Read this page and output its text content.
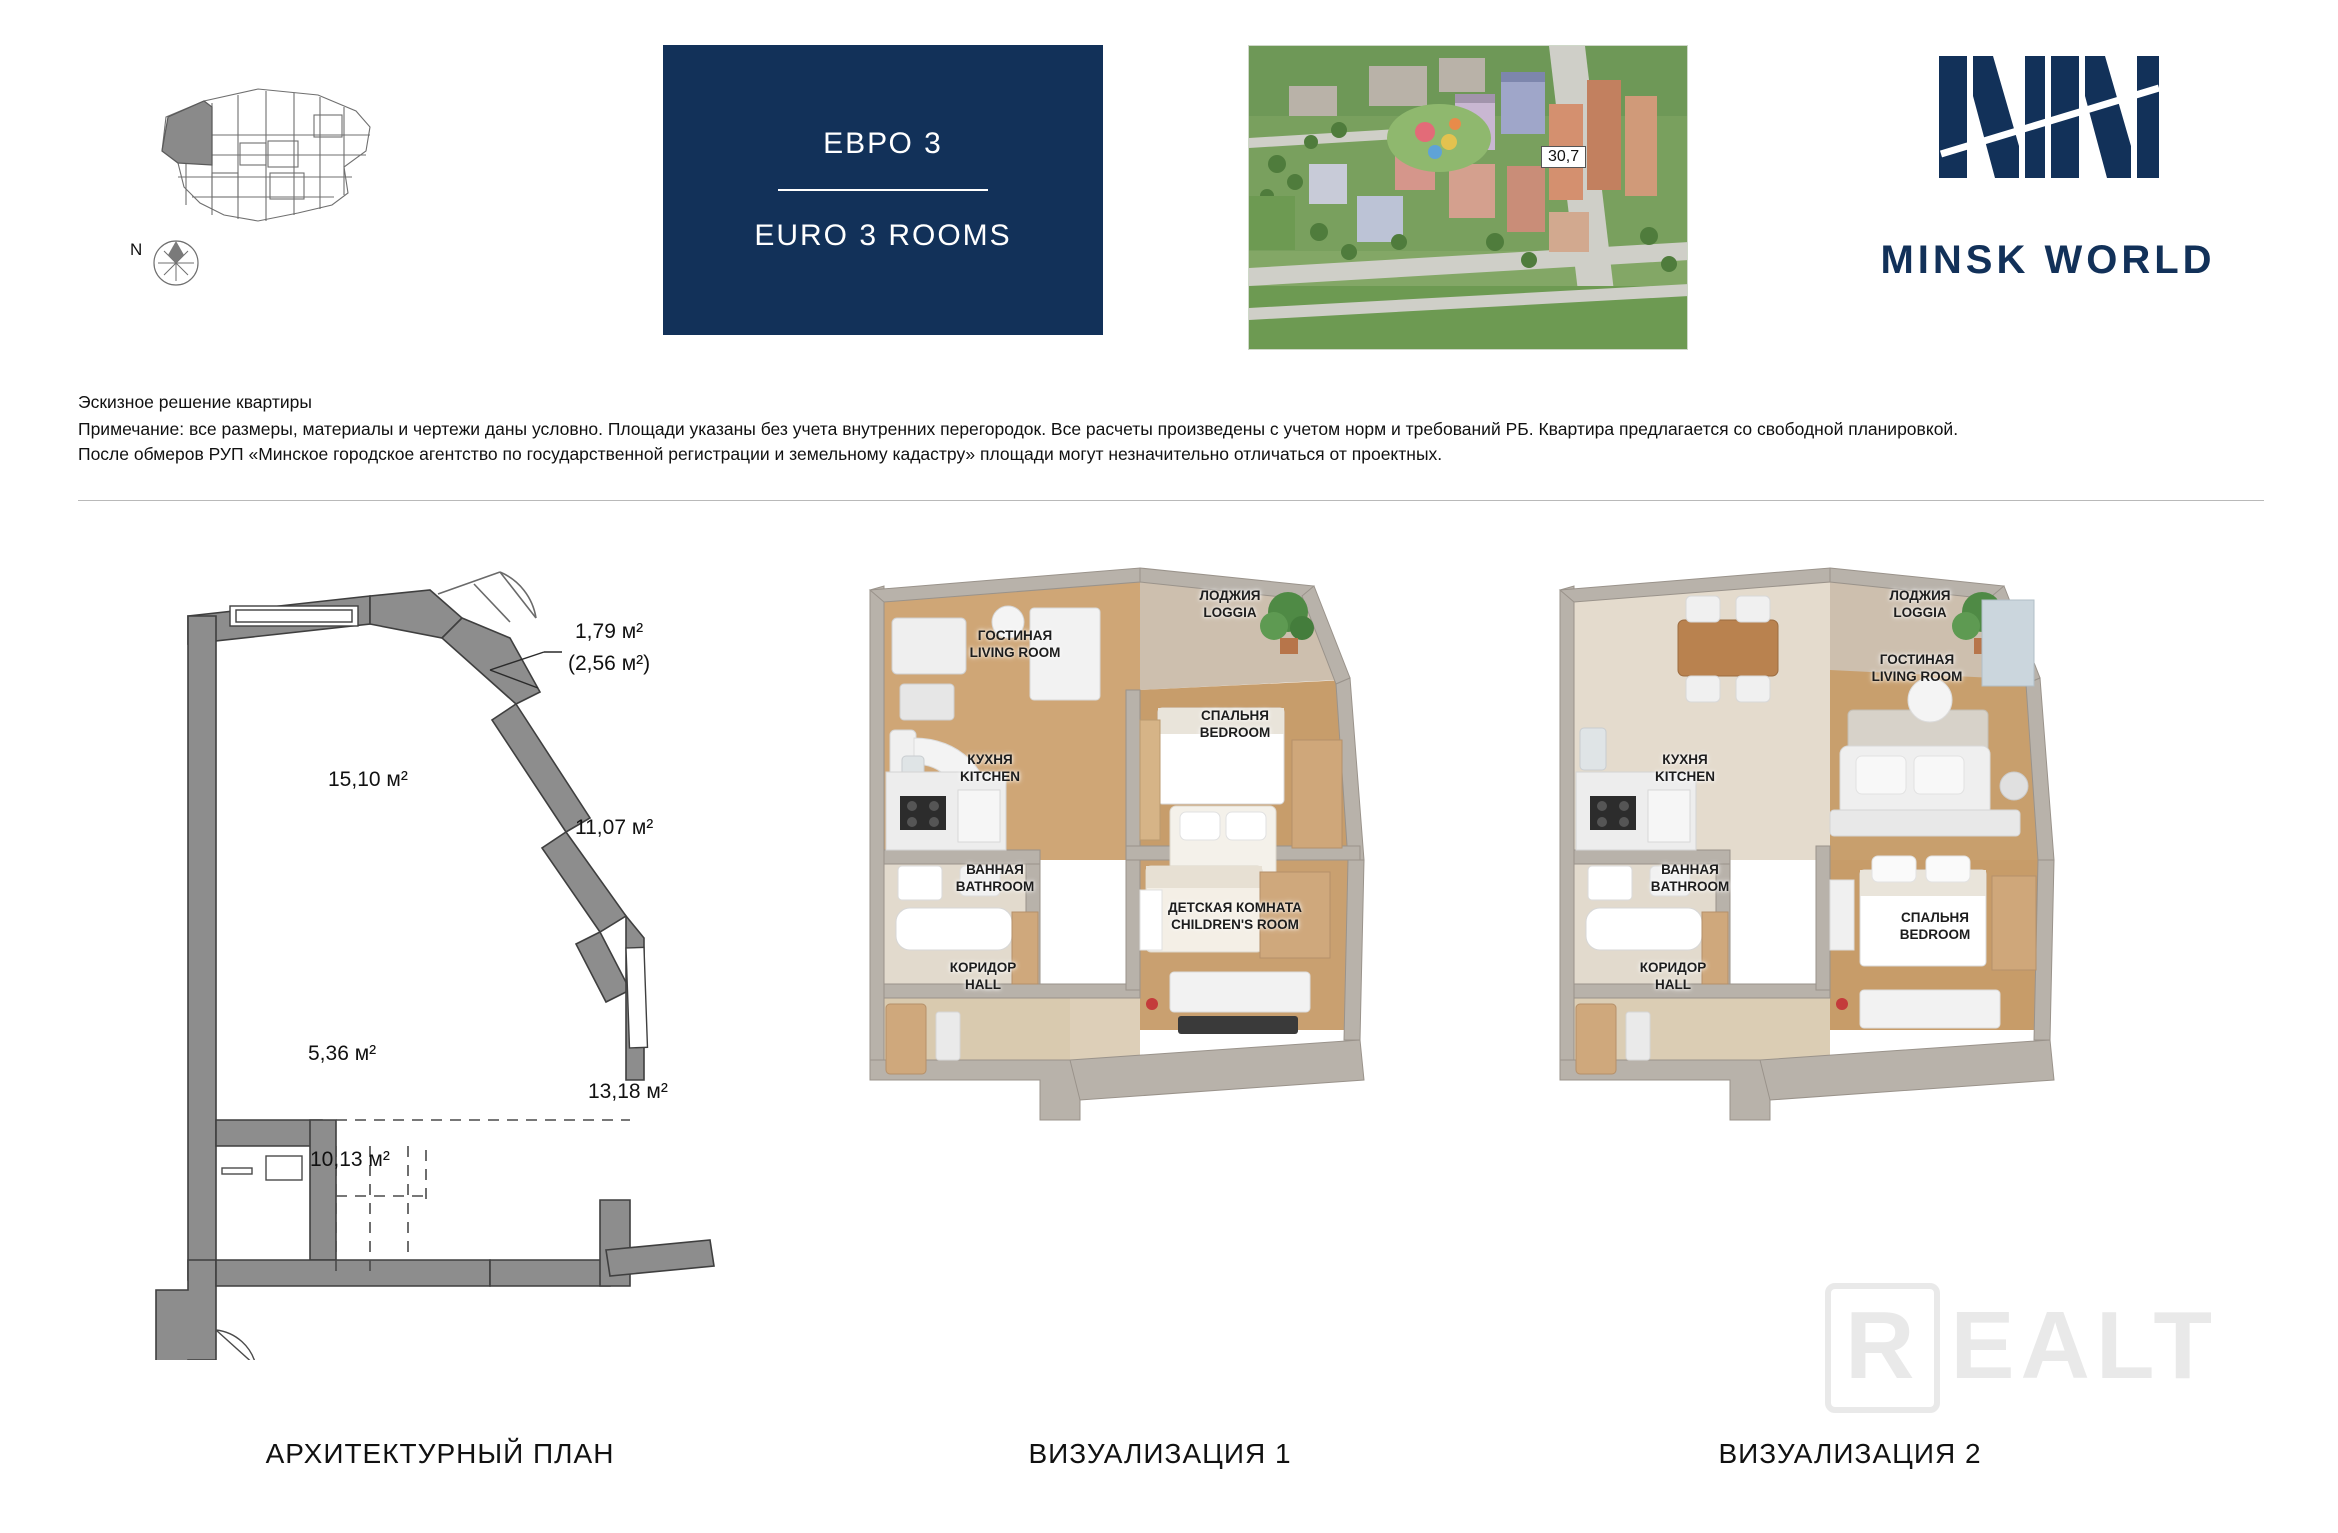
N
ЕВРО 3
EURO 3 ROOMS
30,7
MINSK WORLD
Эскизное решение квартиры
Примечание: все размеры, материалы и чертежи даны условно. Площади указаны без учета внутренних перегородок. Все расчеты произведены с учетом норм и требований РБ. Квартира предлагается со свободной планировкой.
После обмеров РУП «Минское городское агентство по государственной регистрации и земельному кадастру» площади могут незначительно отличаться от проектных.
1,79 м²
(2,56 м²)
15,10 м²
11,07 м²
5,36 м²
13,18 м²
10,13 м²
АРХИТЕКТУРНЫЙ ПЛАН
ЛОДЖИЯ
LOGGIA
ГОСТИНАЯ
LIVING ROOM
СПАЛЬНЯ
BEDROOM
КУХНЯ
KITCHEN
ВАННАЯ
BATHROOM
ДЕТСКАЯ КОМНАТА
CHILDREN'S ROOM
КОРИДОР
HALL
ВИЗУАЛИЗАЦИЯ 1
ЛОДЖИЯ
LOGGIA
ГОСТИНАЯ
LIVING ROOM
КУХНЯ
KITCHEN
ВАННАЯ
BATHROOM
СПАЛЬНЯ
BEDROOM
КОРИДОР
HALL
ВИЗУАЛИЗАЦИЯ 2
R EALT
